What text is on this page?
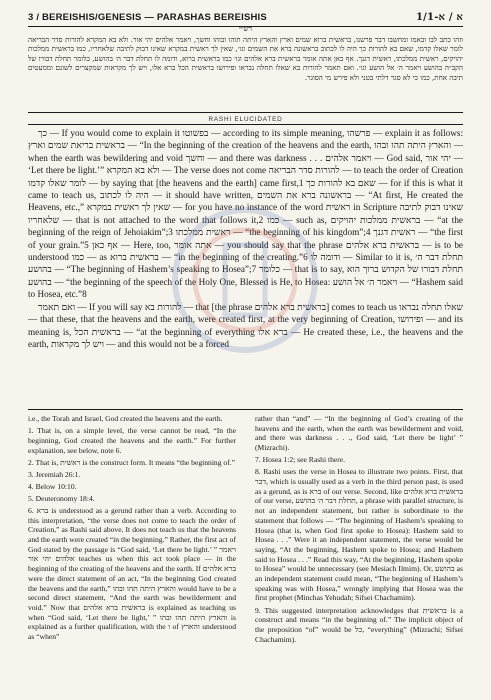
3 / BEREISHIS/GENESIS — PARASHAS BEREISHIS	א / א-1/1
רש״י

וזהו כתב לבו ובאמו ומחשבו דבר פרשנו, בראשית ברוא שמים וארץ והארץ היתה תוהו ובוהו וחשך, ויאמר אלהים יהי אור. ולא בא המקרא להורות סדר הבריאה לומר שאלו קדמו, שאם בא להורות כך היה לו לכתוב בראשונה ברא את השמים וגו׳, שאין לך ראשית במקרא שאינו דבוק לתיבה שלאחריו, כמו בראשית ממלכות יהויקים, ראשית ממלכתו, ראשית דגנך. אף כאן אתה אומר בראשית ברא אלהים וגו׳ כמו בראשית ברוא, ודומה לו תחלת דבר ה׳ בהושע, כלומר תחלת דבורו של הקב״ה בהושע ויאמר ה׳ אל הושע וגו׳. ואם תאמר להורות בא שאלו תחלה נבראו ופירושו בראשית הכל ברא אלו, ויש לך מקראות שמקצרים לשונם וממעטים תיבה אחת, כמו כי לא סגר דלתי בטני ולא פירש מי הסוגר.

RASHI ELUCIDATED

כך — If you would come to explain it בפשוטו — according to its simple meaning, פרשהו — explain it as follows: בראשית בריאת שמים וארץ — “In the beginning of the creation of the heavens and the earth, והארץ היתה תהו ובהו — when the earth was bewildering and void וחשך — and there was darkness . . . ויאמר אלהים — God said, יהי אור — ‘Let there be light.’” ולא בא המקרא — The verse does not come להורות סדר הבריאה — to teach the order of Creation לומר שאלו קדמו — by saying that [the heavens and the earth] came first,1 שאם בא להורות כך — for if this is what it came to teach us, היה לו לכתוב — it should have written, בראשונה ברא את השמים — “At first, He created the Heavens, etc.,” שאין לך ראשית במקרא — for you have no instance of the word ראשית in Scripture שאינו דבוק לתיבה שלאחריו — that is not attached to the word that follows it,2 כמו — such as, בראשית ממלכות יהויקים — “at the beginning of the reign of Jehoiakim”;3 ראשית ממלכתו — “the beginning of his kingdom”;4 ראשית דגנך — “the first of your grain.”5 אף כאן — Here, too, אתה אומר — you should say that the phrase בראשית ברא אלהים — is to be understood כמו — as בראשית ברוא — “in the beginning of the creating.”6 ודומה לו — Similar to it is, תחלת דבר ה׳ בהושע — “The beginning of Hashem’s speaking to Hosea”;7 כלומר — that is to say, תחלת דבורו של הקדוש ברוך הוא בהושע — “the beginning of the speech of the Holy One, Blessed is He, to Hosea: ויאמר ה׳ אל הושע — “Hashem said to Hosea, etc.”8

ואם תאמר — If you will say להורות בא — that [the phrase בראשית ברא אלהים] comes to teach us שאלו תחלה נבראו — that these, that the heavens and the earth, were created first, at the very beginning of Creation, ופירושו — and its meaning is, בראשית הכל — “at the beginning of everything ברא אלו — He created these, i.e., the heavens and the earth, ויש לך מקראות — and this would not be a forced

i.e., the Torah and Israel, God created the heavens and the earth.

1. That is, on a simple level, the verse cannot be read, “In the beginning, God created the heavens and the earth.” For further explanation, see below, note 6.

2. That is, ראשית is the construct form. It means “the beginning of.”

3. Jeremiah 26:1.

4. Below 10:10.

5. Deuteronomy 18:4.

6. ברא is understood as a gerund rather than a verb. According to this interpretation, “the verse does not come to teach the order of Creation,” as Rashi said above. It does not teach us that the heavens and the earth were created “in the beginning.” Rather, the first act of God stated by the passage is “God said, ‘Let there be light.’ ” ויאמר אלהים יהי אור teaches us when this act took place — in the beginning of the creating of the heavens and the earth. If ברא אלהים were the direct statement of an act, “In the beginning God created the heavens and the earth,” והארץ היתה תהו ובהו would have to be a second direct statement, “And the earth was bewilderment and void.” Now that בראשית ברא אלהים is explained as teaching us when “God said, ‘Let there be light,’ ” והארץ היתה תהו ובהו is explained as a further qualification, with the ו of והארץ understood as “when”

rather than “and” — “In the beginning of God’s creating of the heavens and the earth, when the earth was bewilderment and void, and there was darkness . . ., God said, ‘Let there be light’ ” (Mizrachi).

7. Hosea 1:2; see Rashi there.

8. Rashi uses the verse in Hosea to illustrate two points. First, that דבר, which is usually used as a verb in the third person past, is used as a gerund, as is ברא of our verse. Second, like בראשית ברא אלהים of our verse, תחלת דבר ה׳ בהושע, a phrase with parallel structure, is not an independent statement, but rather is subordinate to the statement that follows — “The beginning of Hashem’s speaking to Hosea (that is, when God first spoke to Hosea): Hashem said to Hosea . . .” Were it an independent statement, the verse would be saying, “At the beginning, Hashem spoke to Hosea; and Hashem said to Hosea . . .” Read this way, “At the beginning, Hashem spoke to Hosea” would be unnecessary (see Mesiach Ilmim). Or, בהושע as an independent statement could mean, “The beginning of Hashem’s speaking was with Hosea,” wrongly implying that Hosea was the first prophet (Minchas Yehudah; Sifsei Chachamim).

9. This suggested interpretation acknowledges that בראשית is a construct and means “in the beginning of.” The implicit object of the preposition “of” would be כל, “everything” (Mizrachi; Sifsei Chachamim).
